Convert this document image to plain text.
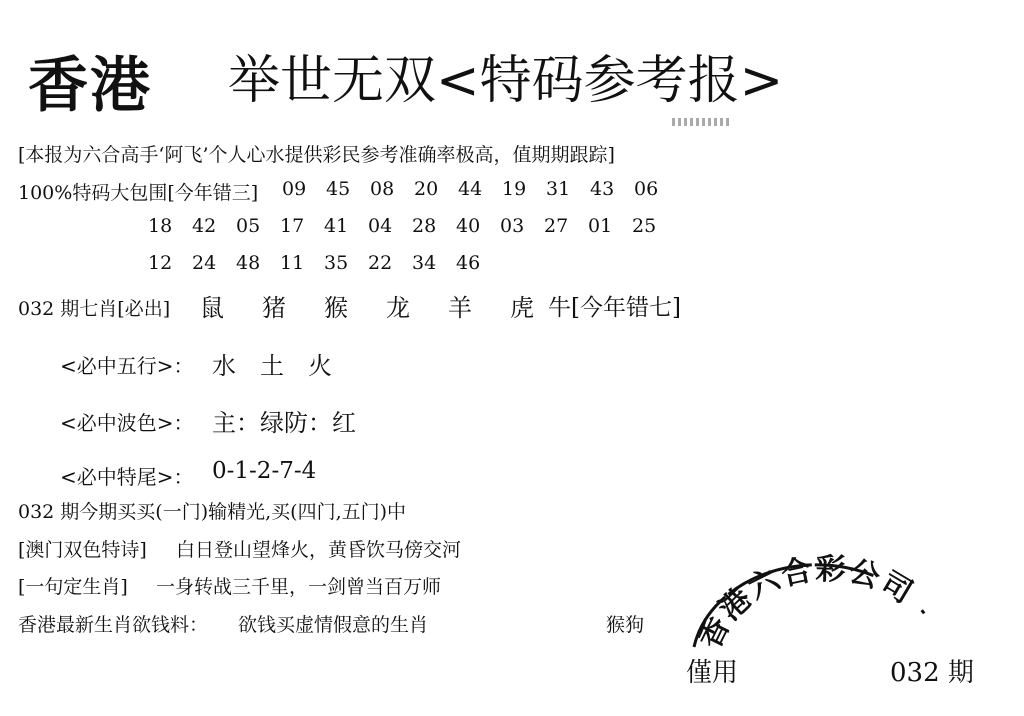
香港 举世无双<特码参考报>
[本报为六合高手‘阿飞’个人心水提供彩民参考准确率极高，值期期跟踪]
100%特码大包围[今年错三] 09 45 08 20 44 19 31 43 06
18 42 05 17 41 04 28 40 03 27 01 25
12 24 48 11 35 22 34 46
032 期七肖[必出] 鼠 猪 猴 龙 羊 虎 牛[今年错七]
<必中五行>： 水　土　火
<必中波色>： 主：绿防：红
<必中特尾>： 0-1-2-7-4
032 期今期买买(一门)输精光,买(四门,五门)中
[澳门双色特诗] 白日登山望烽火，黄昏饮马傍交河
[一句定生肖] 一身转战三千里，一剑曾当百万师
香港最新生肖欲钱料： 欲钱买虚情假意的生肖	猴狗 香港六合彩公司
僅用	032 期
